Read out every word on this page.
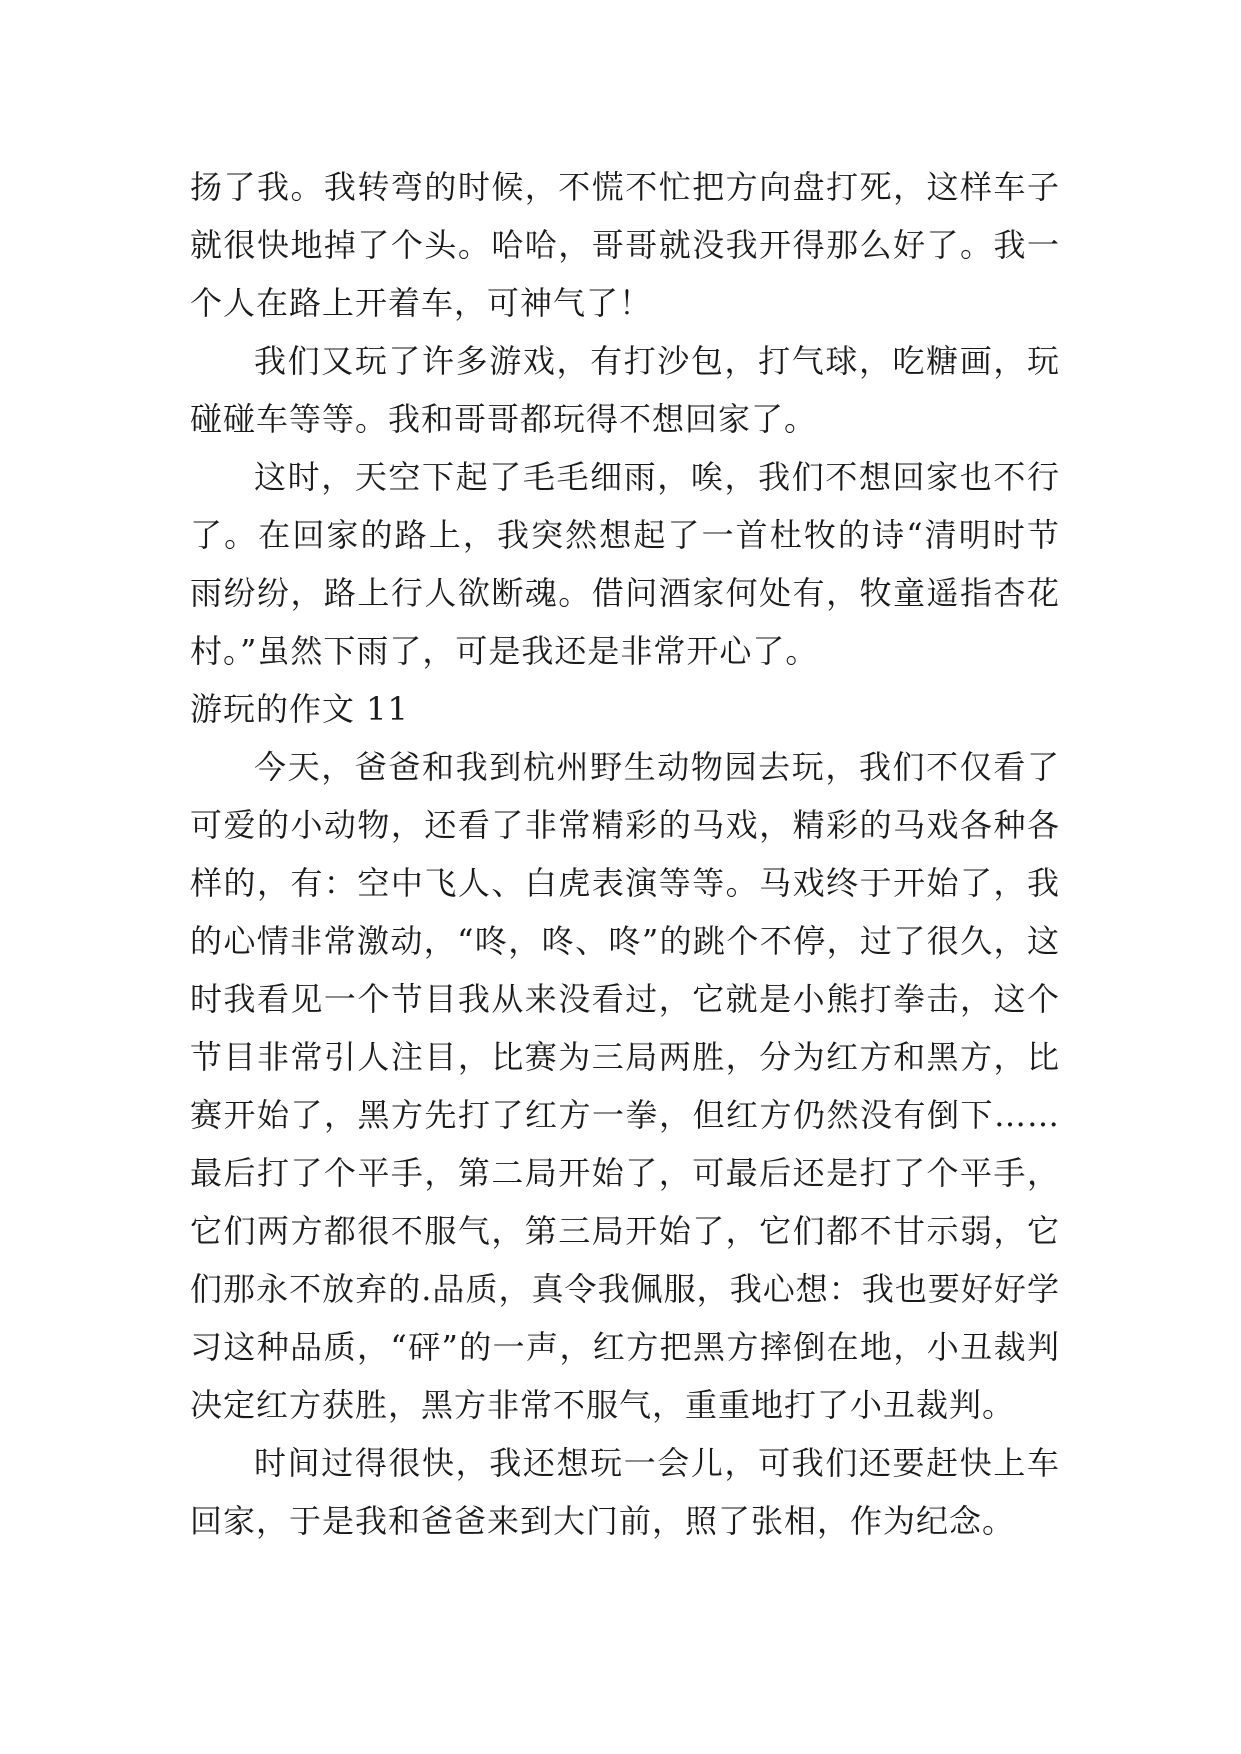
扬了我。我转弯的时候，不慌不忙把方向盘打死，这样车子就很快地掉了个头。哈哈，哥哥就没我开得那么好了。我一个人在路上开着车，可神气了！

我们又玩了许多游戏，有打沙包，打气球，吃糖画，玩碰碰车等等。我和哥哥都玩得不想回家了。

这时，天空下起了毛毛细雨，唉，我们不想回家也不行了。在回家的路上，我突然想起了一首杜牧的诗“清明时节雨纷纷，路上行人欲断魂。借问酒家何处有，牧童遥指杏花村。”虽然下雨了，可是我还是非常开心了。

游玩的作文 11

今天，爸爸和我到杭州野生动物园去玩，我们不仅看了可爱的小动物，还看了非常精彩的马戏，精彩的马戏各种各样的，有：空中飞人、白虎表演等等。马戏终于开始了，我的心情非常激动，“咚，咚、咚”的跳个不停，过了很久，这时我看见一个节目我从来没看过，它就是小熊打拳击，这个节目非常引人注目，比赛为三局两胜，分为红方和黑方，比赛开始了，黑方先打了红方一拳，但红方仍然没有倒下……最后打了个平手，第二局开始了，可最后还是打了个平手，它们两方都很不服气，第三局开始了，它们都不甘示弱，它们那永不放弃的.品质，真令我佩服，我心想：我也要好好学习这种品质，“砰”的一声，红方把黑方摔倒在地，小丑裁判决定红方获胜，黑方非常不服气，重重地打了小丑裁判。

时间过得很快，我还想玩一会儿，可我们还要赶快上车回家，于是我和爸爸来到大门前，照了张相，作为纪念。
